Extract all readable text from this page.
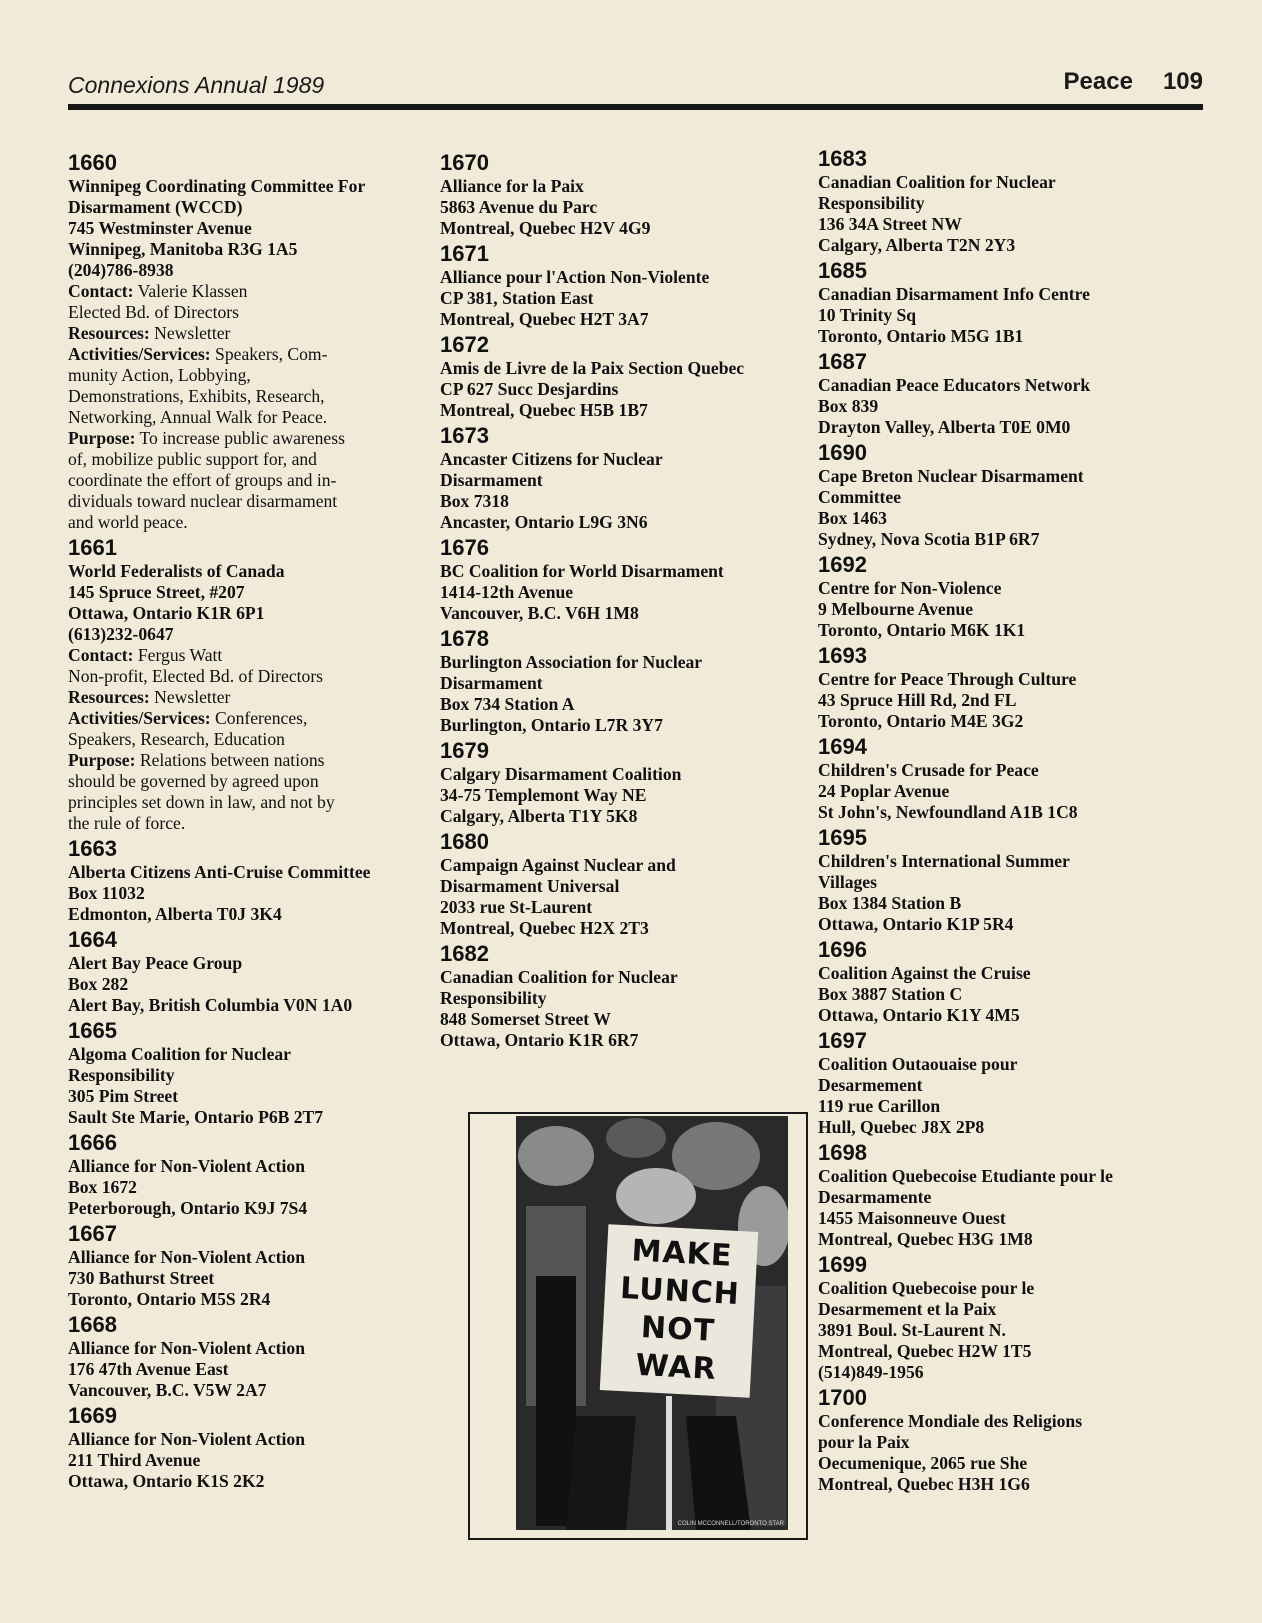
Connexions Annual 1989	Peace 109
1660
Winnipeg Coordinating Committee For
Disarmament (WCCD)
745 Westminster Avenue
Winnipeg, Manitoba R3G 1A5
(204)786-8938
Contact: Valerie Klassen
Elected Bd. of Directors
Resources: Newsletter
Activities/Services: Speakers, Com-
munity Action, Lobbying,
Demonstrations, Exhibits, Research,
Networking, Annual Walk for Peace.
Purpose: To increase public awareness
of, mobilize public support for, and
coordinate the effort of groups and in-
dividuals toward nuclear disarmament
and world peace.
1661
World Federalists of Canada
145 Spruce Street, #207
Ottawa, Ontario K1R 6P1
(613)232-0647
Contact: Fergus Watt
Non-profit, Elected Bd. of Directors
Resources: Newsletter
Activities/Services: Conferences,
Speakers, Research, Education
Purpose: Relations between nations
should be governed by agreed upon
principles set down in law, and not by
the rule of force.
1663
Alberta Citizens Anti-Cruise Committee
Box 11032
Edmonton, Alberta T0J 3K4
1664
Alert Bay Peace Group
Box 282
Alert Bay, British Columbia V0N 1A0
1665
Algoma Coalition for Nuclear
Responsibility
305 Pim Street
Sault Ste Marie, Ontario P6B 2T7
1666
Alliance for Non-Violent Action
Box 1672
Peterborough, Ontario K9J 7S4
1667
Alliance for Non-Violent Action
730 Bathurst Street
Toronto, Ontario M5S 2R4
1668
Alliance for Non-Violent Action
176 47th Avenue East
Vancouver, B.C. V5W 2A7
1669
Alliance for Non-Violent Action
211 Third Avenue
Ottawa, Ontario K1S 2K2
1670
Alliance for la Paix
5863 Avenue du Parc
Montreal, Quebec H2V 4G9
1671
Alliance pour l'Action Non-Violente
CP 381, Station East
Montreal, Quebec H2T 3A7
1672
Amis de Livre de la Paix Section Quebec
CP 627 Succ Desjardins
Montreal, Quebec H5B 1B7
1673
Ancaster Citizens for Nuclear
Disarmament
Box 7318
Ancaster, Ontario L9G 3N6
1676
BC Coalition for World Disarmament
1414-12th Avenue
Vancouver, B.C. V6H 1M8
1678
Burlington Association for Nuclear
Disarmament
Box 734 Station A
Burlington, Ontario L7R 3Y7
1679
Calgary Disarmament Coalition
34-75 Templemont Way NE
Calgary, Alberta T1Y 5K8
1680
Campaign Against Nuclear and
Disarmament Universal
2033 rue St-Laurent
Montreal, Quebec H2X 2T3
1682
Canadian Coalition for Nuclear
Responsibility
848 Somerset Street W
Ottawa, Ontario K1R 6R7
1683
Canadian Coalition for Nuclear
Responsibility
136 34A Street NW
Calgary, Alberta T2N 2Y3
1685
Canadian Disarmament Info Centre
10 Trinity Sq
Toronto, Ontario M5G 1B1
1687
Canadian Peace Educators Network
Box 839
Drayton Valley, Alberta T0E 0M0
1690
Cape Breton Nuclear Disarmament
Committee
Box 1463
Sydney, Nova Scotia B1P 6R7
1692
Centre for Non-Violence
9 Melbourne Avenue
Toronto, Ontario M6K 1K1
1693
Centre for Peace Through Culture
43 Spruce Hill Rd, 2nd FL
Toronto, Ontario M4E 3G2
1694
Children's Crusade for Peace
24 Poplar Avenue
St John's, Newfoundland A1B 1C8
1695
Children's International Summer
Villages
Box 1384 Station B
Ottawa, Ontario K1P 5R4
1696
Coalition Against the Cruise
Box 3887 Station C
Ottawa, Ontario K1Y 4M5
1697
Coalition Outaouaise pour
Desarmement
119 rue Carillon
Hull, Quebec J8X 2P8
1698
Coalition Quebecoise Etudiante pour le
Desarmamente
1455 Maisonneuve Ouest
Montreal, Quebec H3G 1M8
1699
Coalition Quebecoise pour le
Desarmement et la Paix
3891 Boul. St-Laurent N.
Montreal, Quebec H2W 1T5
(514)849-1956
1700
Conference Mondiale des Religions
pour la Paix
Oecumenique, 2065 rue She
Montreal, Quebec H3H 1G6
MAKE
LUNCH
NOT
WAR
COLIN MCCONNELL/TORONTO STAR
